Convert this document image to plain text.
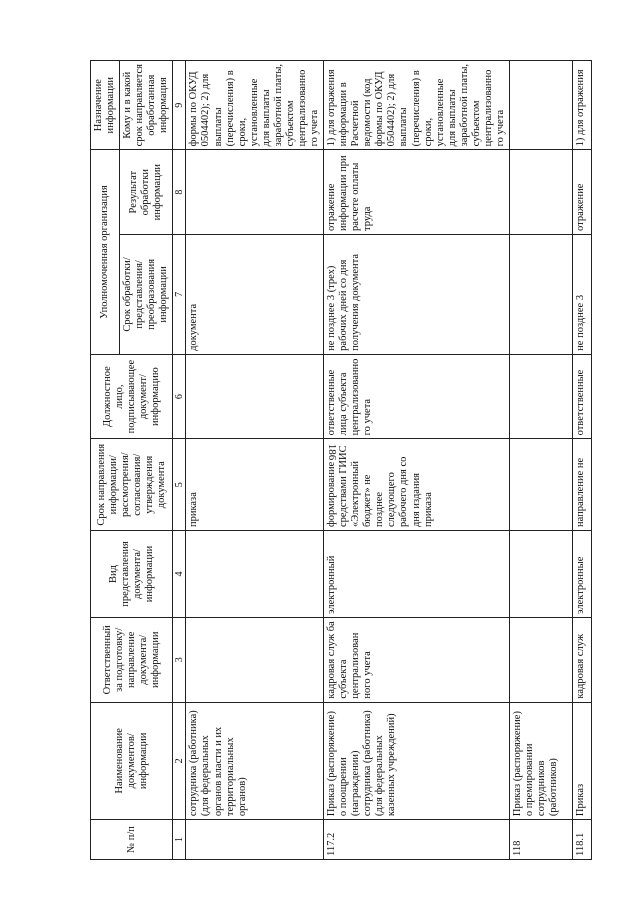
186
№ п/п	Наименование документов/ информации	Ответственный за подготовку/ направление документа/ информации	Вид представления документа/ информации	Срок направления информации/ рассмотрения/ согласования/ утверждения документа	Должностное лицо, подписывающее документ/ информацию	Уполномоченная организация		Назначение информации
						Срок обработки/ представления/ преобразования информации	Результат обработки информации	Кому и в какой срок направляется обработанная информация
1	2	3	4	5	6	7	8	9
	сотрудника (работника) (для федеральных органов власти и их территориальных органов)			приказа		документа		формы по ОКУД 0504402); 2) для выплаты (перечисления) в сроки, установленные для выплаты заработной платы, субъектом централизованно го учета
117.2	Приказ (распоряжение) о поощрении (награждении) сотрудника (работника) (для федеральных казенных учреждений)	кадровая служ ба субъекта централизован ного учета	электронный	формирование средствами ГИИС «Электронный бюджет» не позднее следующего рабочего дня со дня издания приказа	ответственные лица субъекта централизованно го учета	не позднее 3 (трех) рабочих дней со дня получения документа	отражение информации при расчете оплаты труда	1) для отражения информации в Расчетной ведомости (код формы по ОКУД 0504402); 2) для выплаты (перечисления) в сроки, установленные для выплаты заработной платы, субъектом централизованно го учета
118	Приказ (распоряжение) о премировании сотрудников (работников)							
118.1	Приказ	кадровая служ	электронные	направление не	ответственные	не позднее 3	отражение	1) для отражения
